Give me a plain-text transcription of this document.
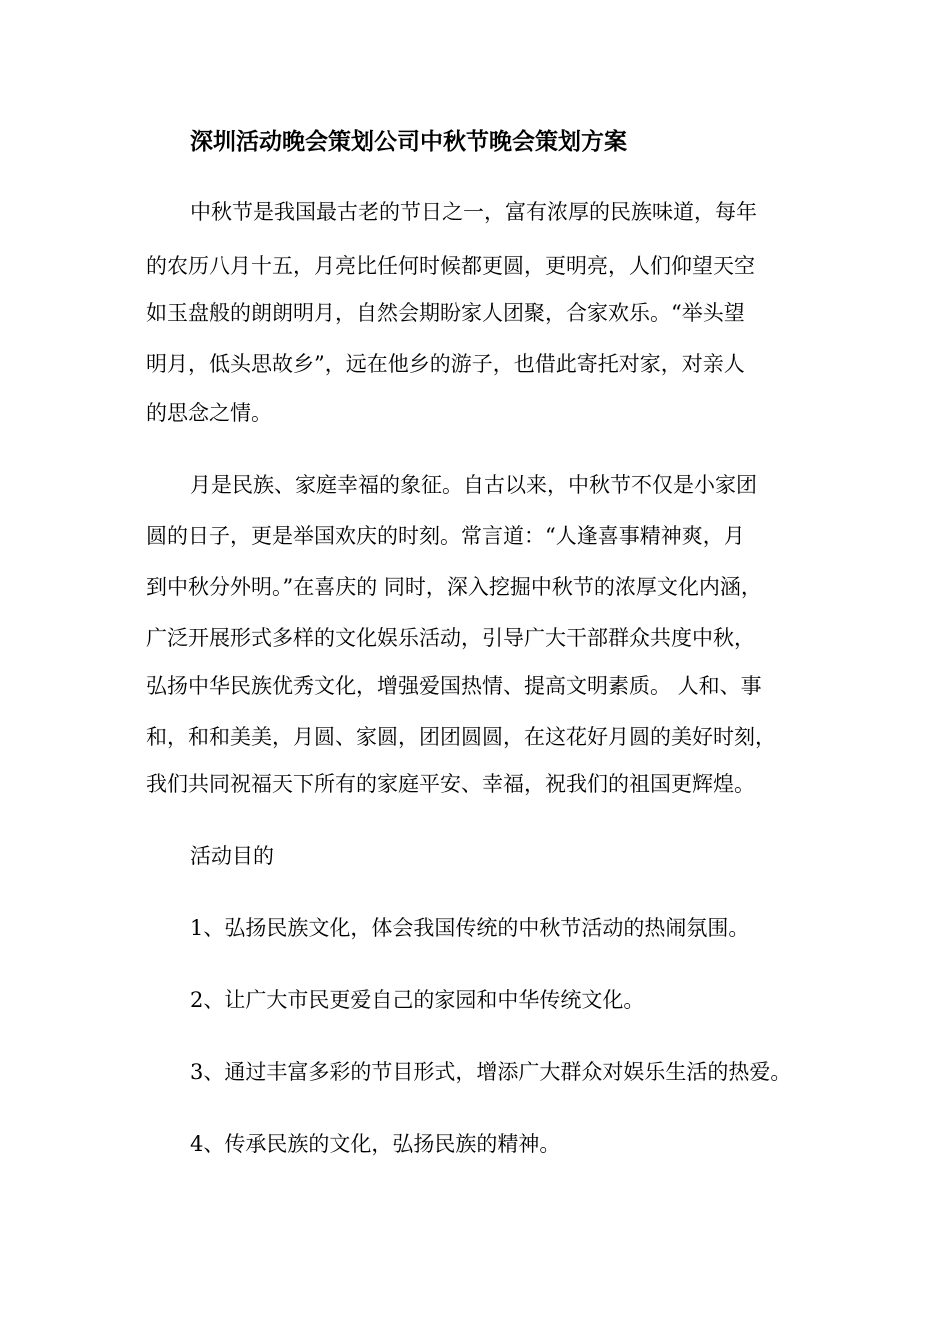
深圳活动晚会策划公司中秋节晚会策划方案

中秋节是我国最古老的节日之一，富有浓厚的民族味道，每年

的农历八月十五，月亮比任何时候都更圆，更明亮，人们仰望天空

如玉盘般的朗朗明月，自然会期盼家人团聚，合家欢乐。“举头望

明月，低头思故乡”，远在他乡的游子，也借此寄托对家，对亲人

的思念之情。

月是民族、家庭幸福的象征。自古以来，中秋节不仅是小家团

圆的日子，更是举国欢庆的时刻。常言道：“人逢喜事精神爽，月

到中秋分外明。”在喜庆的 同时，深入挖掘中秋节的浓厚文化内涵，

广泛开展形式多样的文化娱乐活动，引导广大干部群众共度中秋，

弘扬中华民族优秀文化，增强爱国热情、提高文明素质。 人和、事

和，和和美美，月圆、家圆，团团圆圆，在这花好月圆的美好时刻，

我们共同祝福天下所有的家庭平安、幸福，祝我们的祖国更辉煌。

活动目的

1、弘扬民族文化，体会我国传统的中秋节活动的热闹氛围。

2、让广大市民更爱自己的家园和中华传统文化。

3、通过丰富多彩的节目形式，增添广大群众对娱乐生活的热爱。

4、传承民族的文化，弘扬民族的精神。
